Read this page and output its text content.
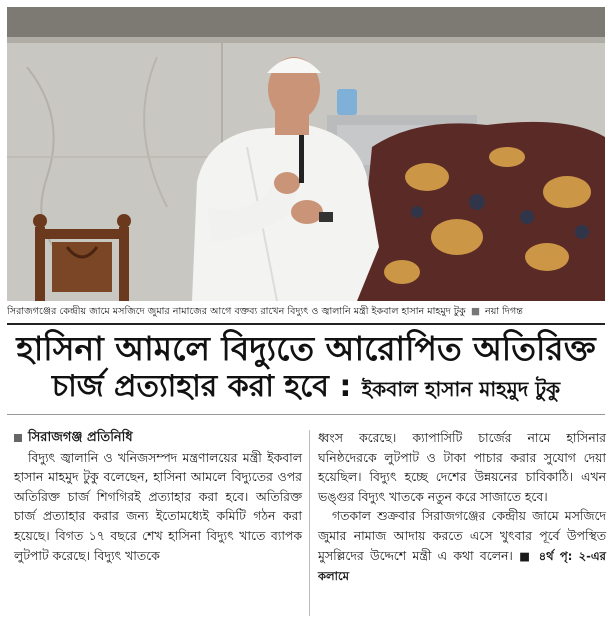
সিরাজগঞ্জের কেন্দ্রীয় জামে মসজিদে জুমার নামাজের আগে বক্তব্য রাখেন বিদ্যুৎ ও জ্বালানি মন্ত্রী ইকবাল হাসান মাহমুদ টুকু ■ নয়া দিগন্ত
হাসিনা আমলে বিদ্যুতে আরোপিত অতিরিক্ত
চার্জ প্রত্যাহার করা হবে : ইকবাল হাসান মাহমুদ টুকু

সিরাজগঞ্জ প্রতিনিধি

বিদ্যুৎ জ্বালানি ও খনিজসম্পদ মন্ত্রণালয়ের মন্ত্রী ইকবাল হাসান মাহমুদ টুকু বলেছেন, হাসিনা আমলে বিদ্যুতের ওপর অতিরিক্ত চার্জ শিগগিরই প্রত্যাহার করা হবে। অতিরিক্ত চার্জ প্রত্যাহার করার জন্য ইতোমধ্যেই কমিটি গঠন করা হয়েছে। বিগত ১৭ বছরে শেখ হাসিনা বিদ্যুৎ খাতে ব্যাপক লুটপাট করেছে। বিদ্যুৎ খাতকে

ধ্বংস করেছে। ক্যাপাসিটি চার্জের নামে হাসিনার ঘনিষ্ঠদেরকে লুটপাট ও টাকা পাচার করার সুযোগ দেয়া হয়েছিল। বিদ্যুৎ হচ্ছে দেশের উন্নয়নের চাবিকাঠি। এখন ভঙ্গুর বিদ্যুৎ খাতকে নতুন করে সাজাতে হবে।

গতকাল শুক্রবার সিরাজগঞ্জের কেন্দ্রীয় জামে মসজিদে জুমার নামাজ আদায় করতে এসে খুৎবার পূর্বে উপস্থিত মুসল্লিদের উদ্দেশে মন্ত্রী এ কথা বলেন। ■ ৪র্থ পৃ: ২-এর কলামে
